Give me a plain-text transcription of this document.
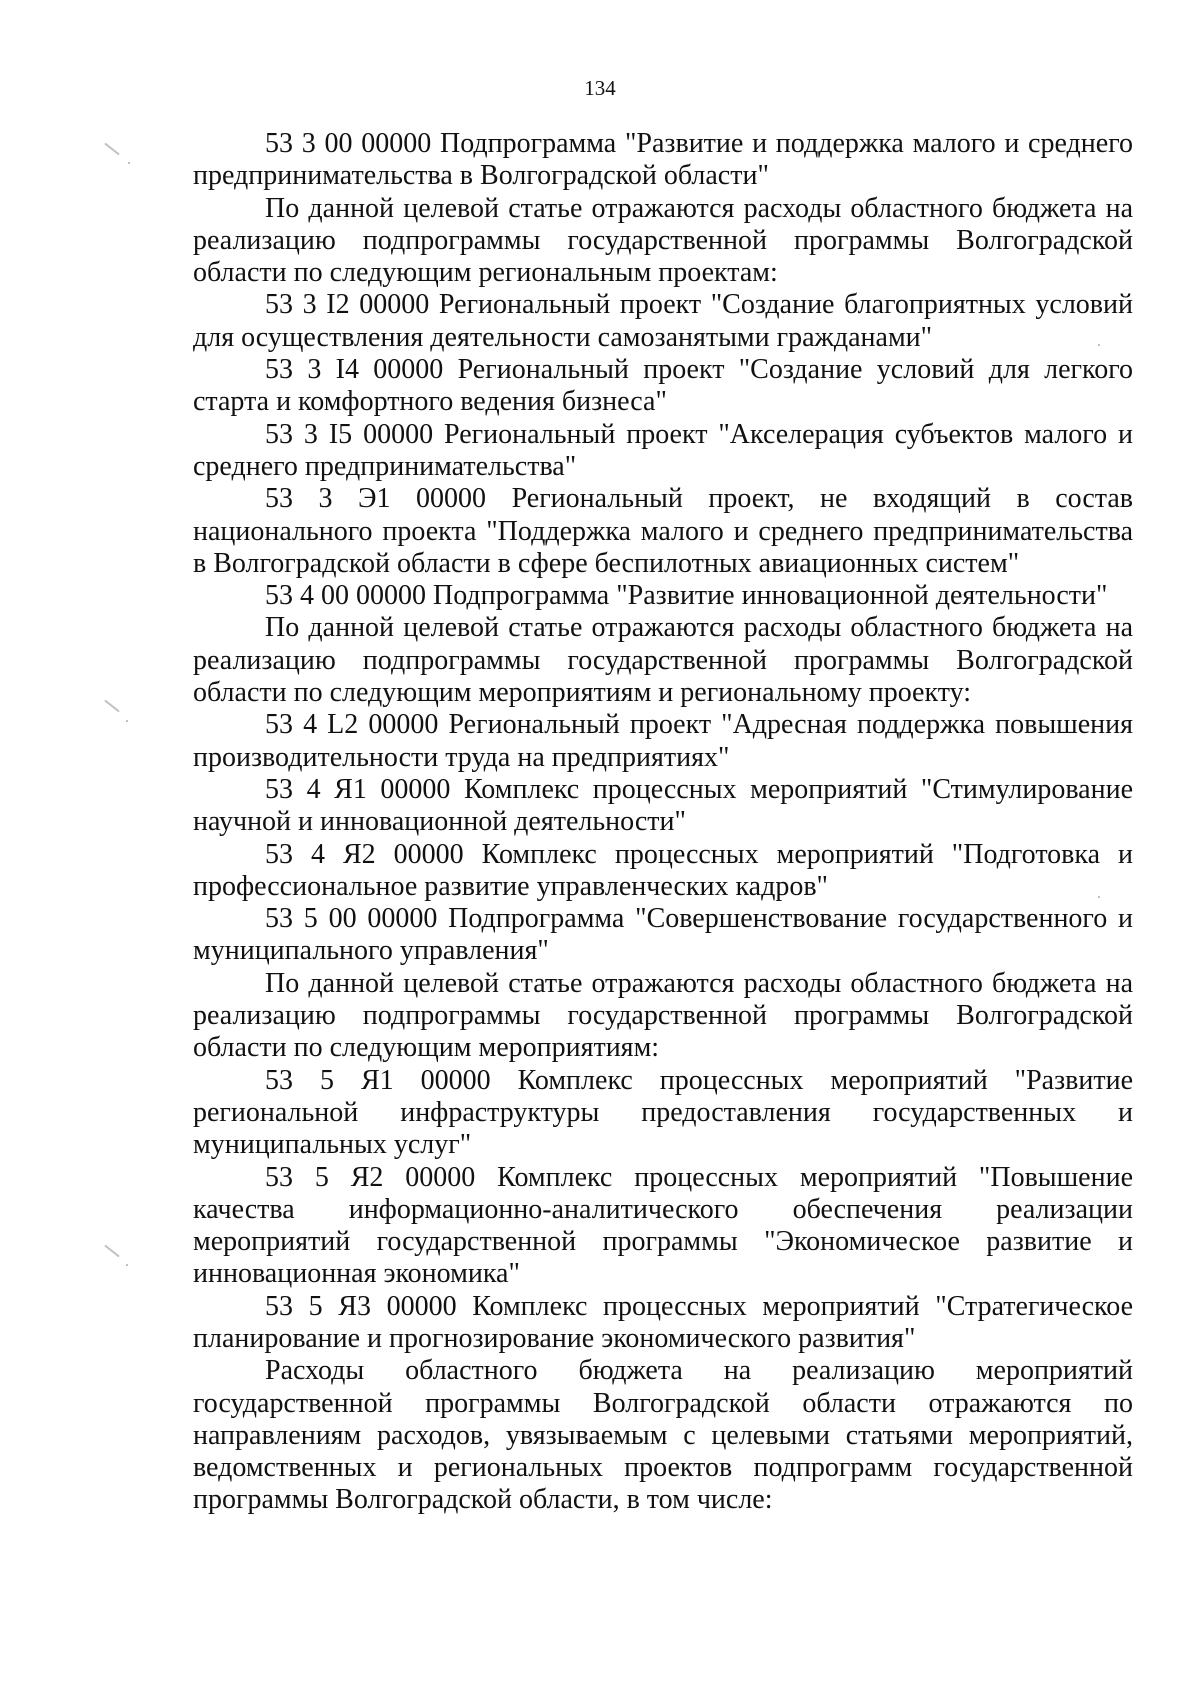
134

53 3 00 00000 Подпрограмма "Развитие и поддержка малого и среднего предпринимательства в Волгоградской области"

По данной целевой статье отражаются расходы областного бюджета на реализацию подпрограммы государственной программы Волгоградской области по следующим региональным проектам:

53 3 I2 00000 Региональный проект "Создание благоприятных условий для осуществления деятельности самозанятыми гражданами"

53 3 I4 00000 Региональный проект "Создание условий для легкого старта и комфортного ведения бизнеса"

53 3 I5 00000 Региональный проект "Акселерация субъектов малого и среднего предпринимательства"

53 3 Э1 00000 Региональный проект, не входящий в состав национального проекта "Поддержка малого и среднего предпринимательства в Волгоградской области в сфере беспилотных авиационных систем"

53 4 00 00000 Подпрограмма "Развитие инновационной деятельности"

По данной целевой статье отражаются расходы областного бюджета на реализацию подпрограммы государственной программы Волгоградской области по следующим мероприятиям и региональному проекту:

53 4 L2 00000 Региональный проект "Адресная поддержка повышения производительности труда на предприятиях"

53 4 Я1 00000 Комплекс процессных мероприятий "Стимулирование научной и инновационной деятельности"

53 4 Я2 00000 Комплекс процессных мероприятий "Подготовка и профессиональное развитие управленческих кадров"

53 5 00 00000 Подпрограмма "Совершенствование государственного и муниципального управления"

По данной целевой статье отражаются расходы областного бюджета на реализацию подпрограммы государственной программы Волгоградской области по следующим мероприятиям:

53 5 Я1 00000 Комплекс процессных мероприятий "Развитие региональной инфраструктуры предоставления государственных и муниципальных услуг"

53 5 Я2 00000 Комплекс процессных мероприятий "Повышение качества информационно-аналитического обеспечения реализации мероприятий государственной программы "Экономическое развитие и инновационная экономика"

53 5 Я3 00000 Комплекс процессных мероприятий "Стратегическое планирование и прогнозирование экономического развития"

Расходы областного бюджета на реализацию мероприятий государственной программы Волгоградской области отражаются по направлениям расходов, увязываемым с целевыми статьями мероприятий, ведомственных и региональных проектов подпрограмм государственной программы Волгоградской области, в том числе:
